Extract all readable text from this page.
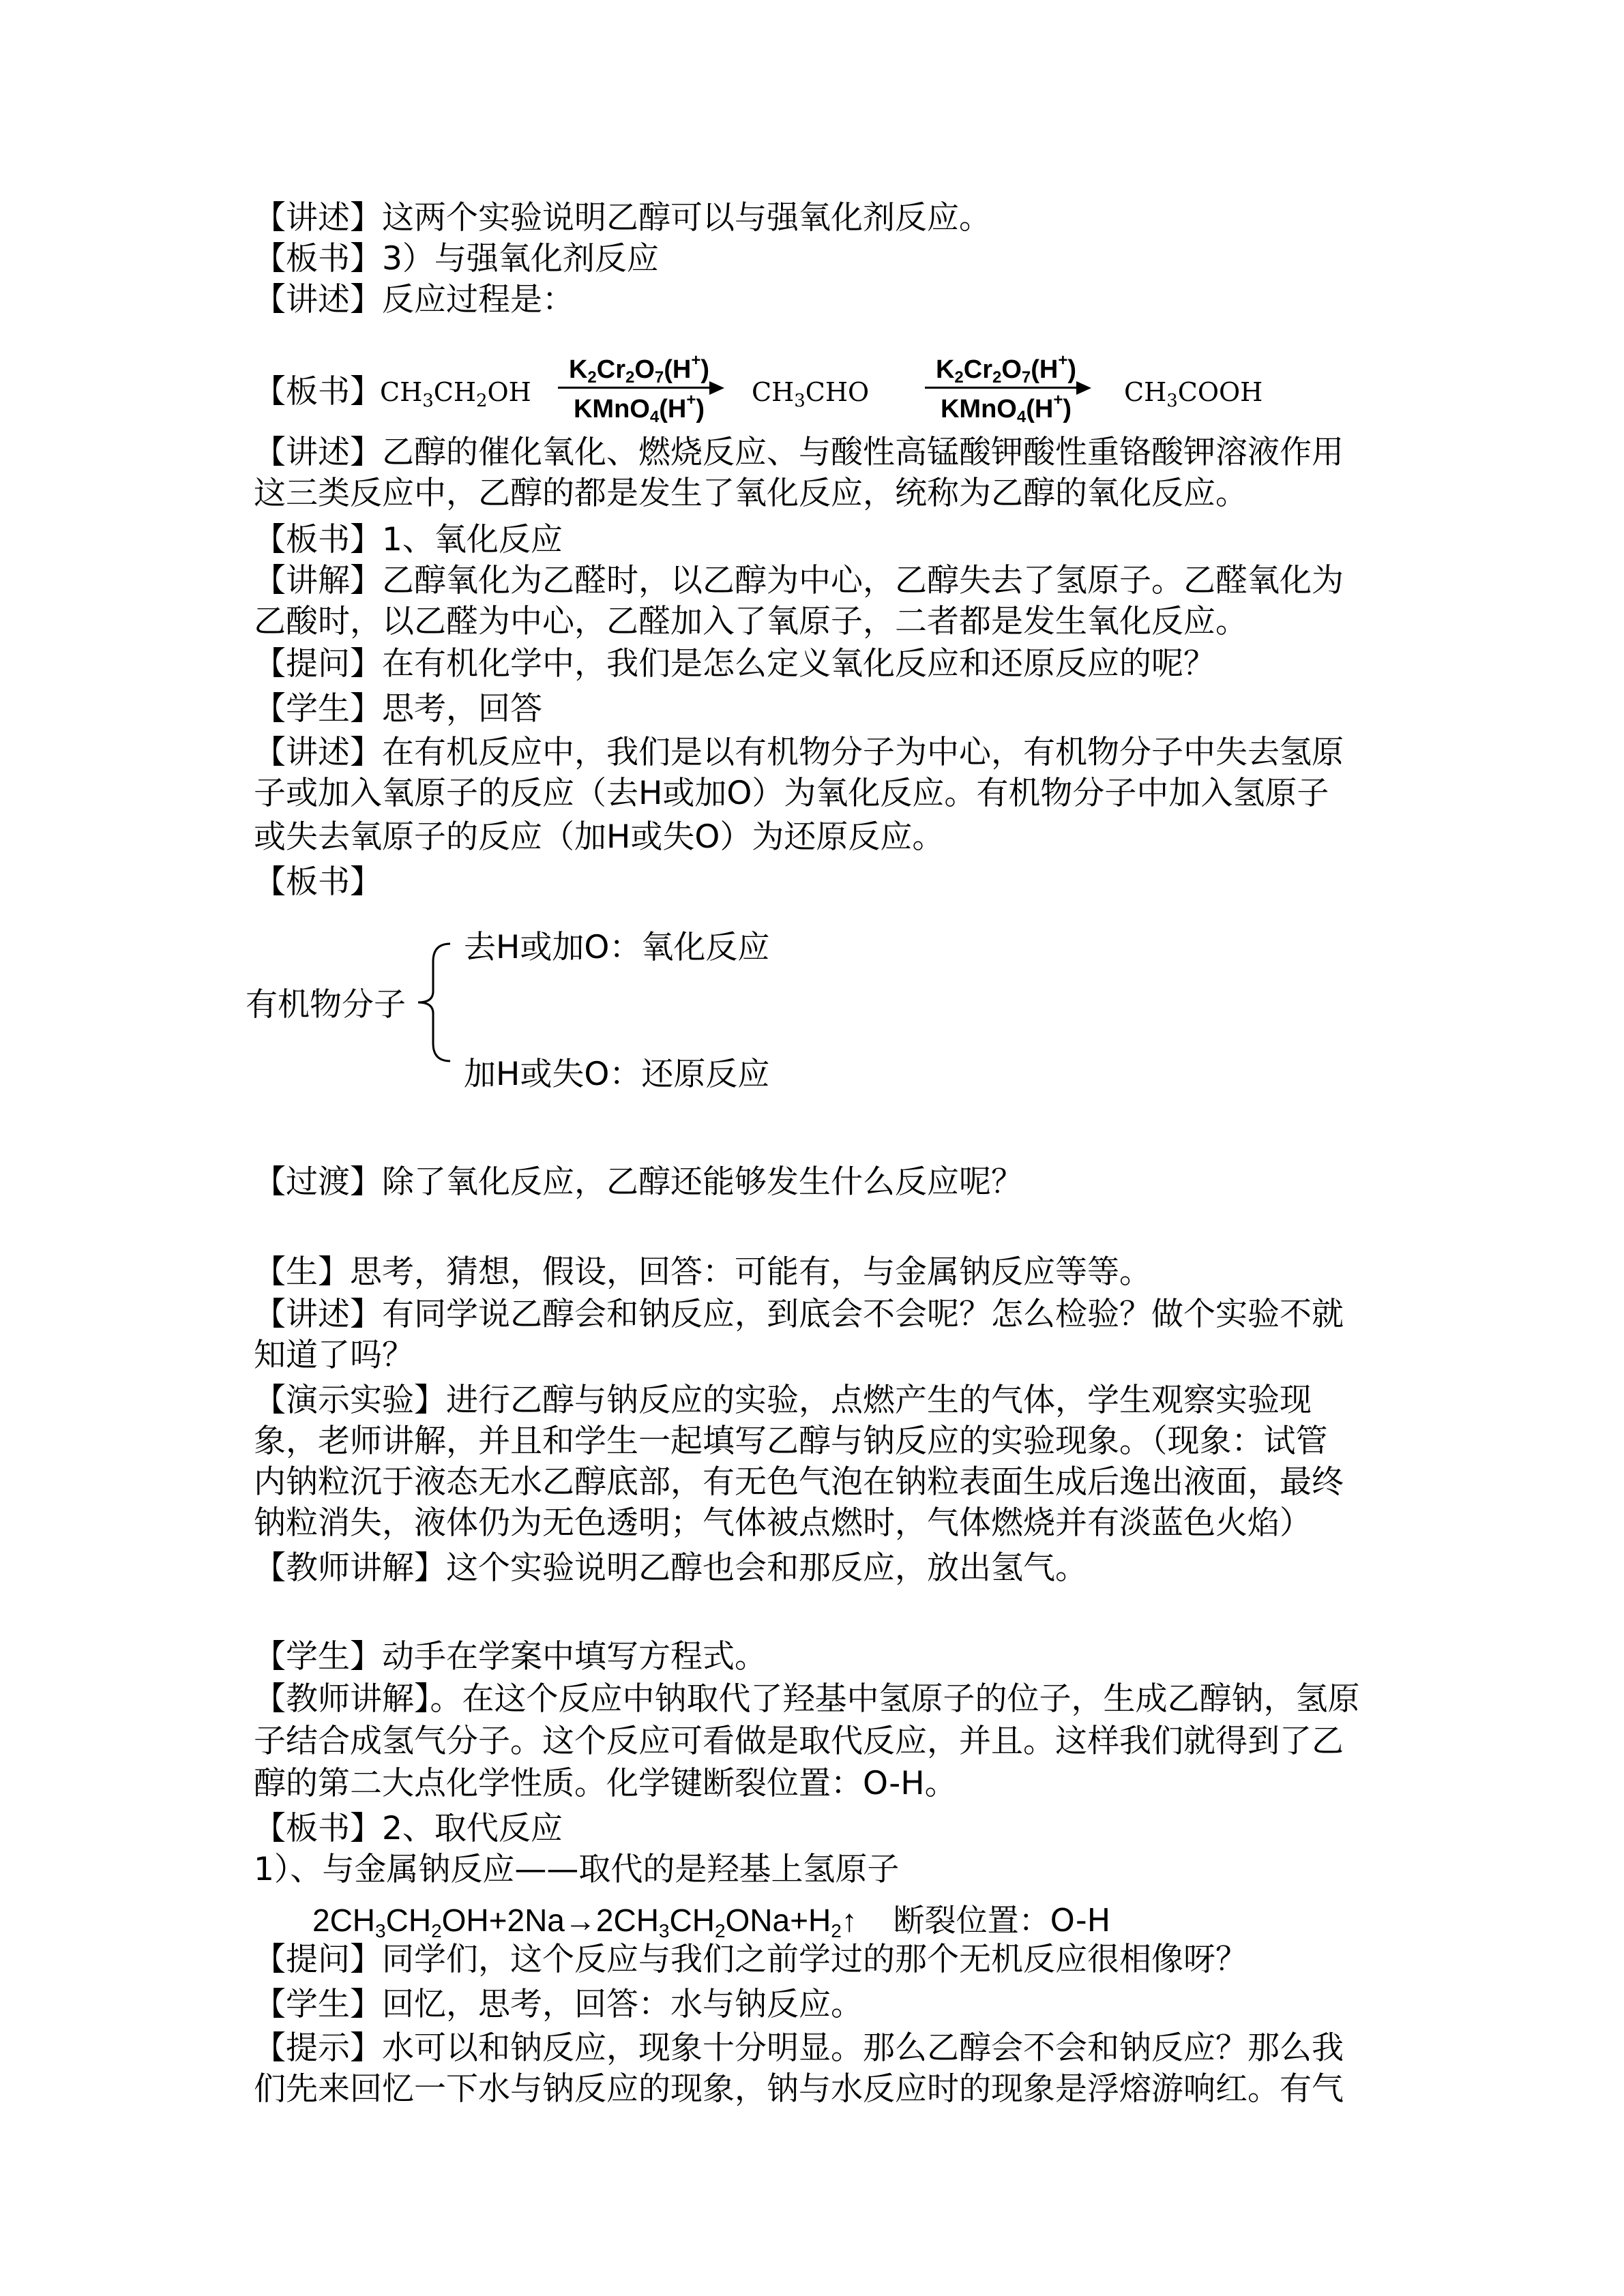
【讲述】这两个实验说明乙醇可以与强氧化剂反应。
【板书】3）与强氧化剂反应
【讲述】反应过程是：
【板书】
$CH_3CH_2OH$
K2Cr2O7(H+)
KMnO4(H+)
$CH_3CHO$
K2Cr2O7(H+)
KMnO4(H+)
$CH_3COOH$
【讲述】乙醇的催化氧化、燃烧反应、与酸性高锰酸钾酸性重铬酸钾溶液作用
这三类反应中，乙醇的都是发生了氧化反应，统称为乙醇的氧化反应。
【板书】1、氧化反应
【讲解】乙醇氧化为乙醛时，以乙醇为中心，乙醇失去了氢原子。乙醛氧化为
乙酸时，以乙醛为中心，乙醛加入了氧原子，二者都是发生氧化反应。
【提问】在有机化学中，我们是怎么定义氧化反应和还原反应的呢？
【学生】思考，回答
【讲述】在有机反应中，我们是以有机物分子为中心，有机物分子中失去氢原
子或加入氧原子的反应（去H或加O）为氧化反应。有机物分子中加入氢原子
或失去氧原子的反应（加H或失O）为还原反应。
【板书】
有机物分子
去H或加O：氧化反应
加H或失O：还原反应
【过渡】除了氧化反应，乙醇还能够发生什么反应呢？
【生】思考，猜想，假设，回答：可能有，与金属钠反应等等。
【讲述】有同学说乙醇会和钠反应，到底会不会呢？怎么检验？做个实验不就
知道了吗？
【演示实验】进行乙醇与钠反应的实验，点燃产生的气体，学生观察实验现
象，老师讲解，并且和学生一起填写乙醇与钠反应的实验现象。（现象：试管
内钠粒沉于液态无水乙醇底部，有无色气泡在钠粒表面生成后逸出液面，最终
钠粒消失，液体仍为无色透明；气体被点燃时，气体燃烧并有淡蓝色火焰）
【教师讲解】这个实验说明乙醇也会和那反应，放出氢气。
【学生】动手在学案中填写方程式。
【教师讲解】。在这个反应中钠取代了羟基中氢原子的位子，生成乙醇钠，氢原
子结合成氢气分子。这个反应可看做是取代反应，并且。这样我们就得到了乙
醇的第二大点化学性质。化学键断裂位置：O-H。
【板书】2、取代反应
1）、与金属钠反应——取代的是羟基上氢原子
2CH3CH2OH+2Na→2CH3CH2ONa+H2↑ 断裂位置：O-H
【提问】同学们，这个反应与我们之前学过的那个无机反应很相像呀？
【学生】回忆，思考，回答：水与钠反应。
【提示】水可以和钠反应，现象十分明显。那么乙醇会不会和钠反应？那么我
们先来回忆一下水与钠反应的现象，钠与水反应时的现象是浮熔游响红。有气
